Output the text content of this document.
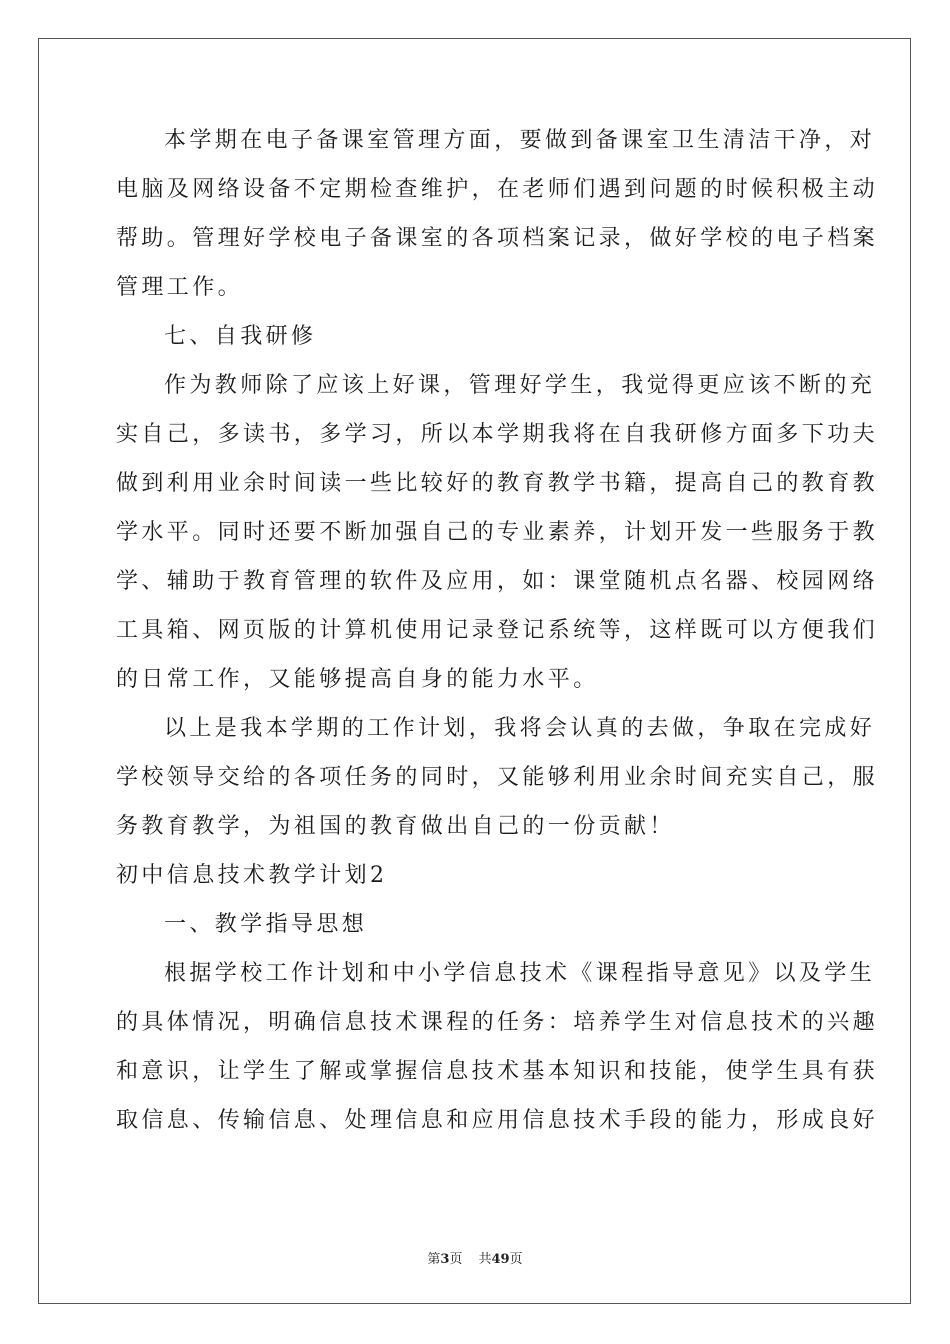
本学期在电子备课室管理方面，要做到备课室卫生清洁干净，对
电脑及网络设备不定期检查维护，在老师们遇到问题的时候积极主动
帮助。管理好学校电子备课室的各项档案记录，做好学校的电子档案
管理工作。
七、自我研修
作为教师除了应该上好课，管理好学生，我觉得更应该不断的充
实自己，多读书，多学习，所以本学期我将在自我研修方面多下功夫
做到利用业余时间读一些比较好的教育教学书籍，提高自己的教育教
学水平。同时还要不断加强自己的专业素养，计划开发一些服务于教
学、辅助于教育管理的软件及应用，如：课堂随机点名器、校园网络
工具箱、网页版的计算机使用记录登记系统等，这样既可以方便我们
的日常工作，又能够提高自身的能力水平。
以上是我本学期的工作计划，我将会认真的去做，争取在完成好
学校领导交给的各项任务的同时，又能够利用业余时间充实自己，服
务教育教学，为祖国的教育做出自己的一份贡献！
初中信息技术教学计划2
一、教学指导思想
根据学校工作计划和中小学信息技术《课程指导意见》以及学生
的具体情况，明确信息技术课程的任务：培养学生对信息技术的兴趣
和意识，让学生了解或掌握信息技术基本知识和技能，使学生具有获
取信息、传输信息、处理信息和应用信息技术手段的能力，形成良好
第3页 共49页
